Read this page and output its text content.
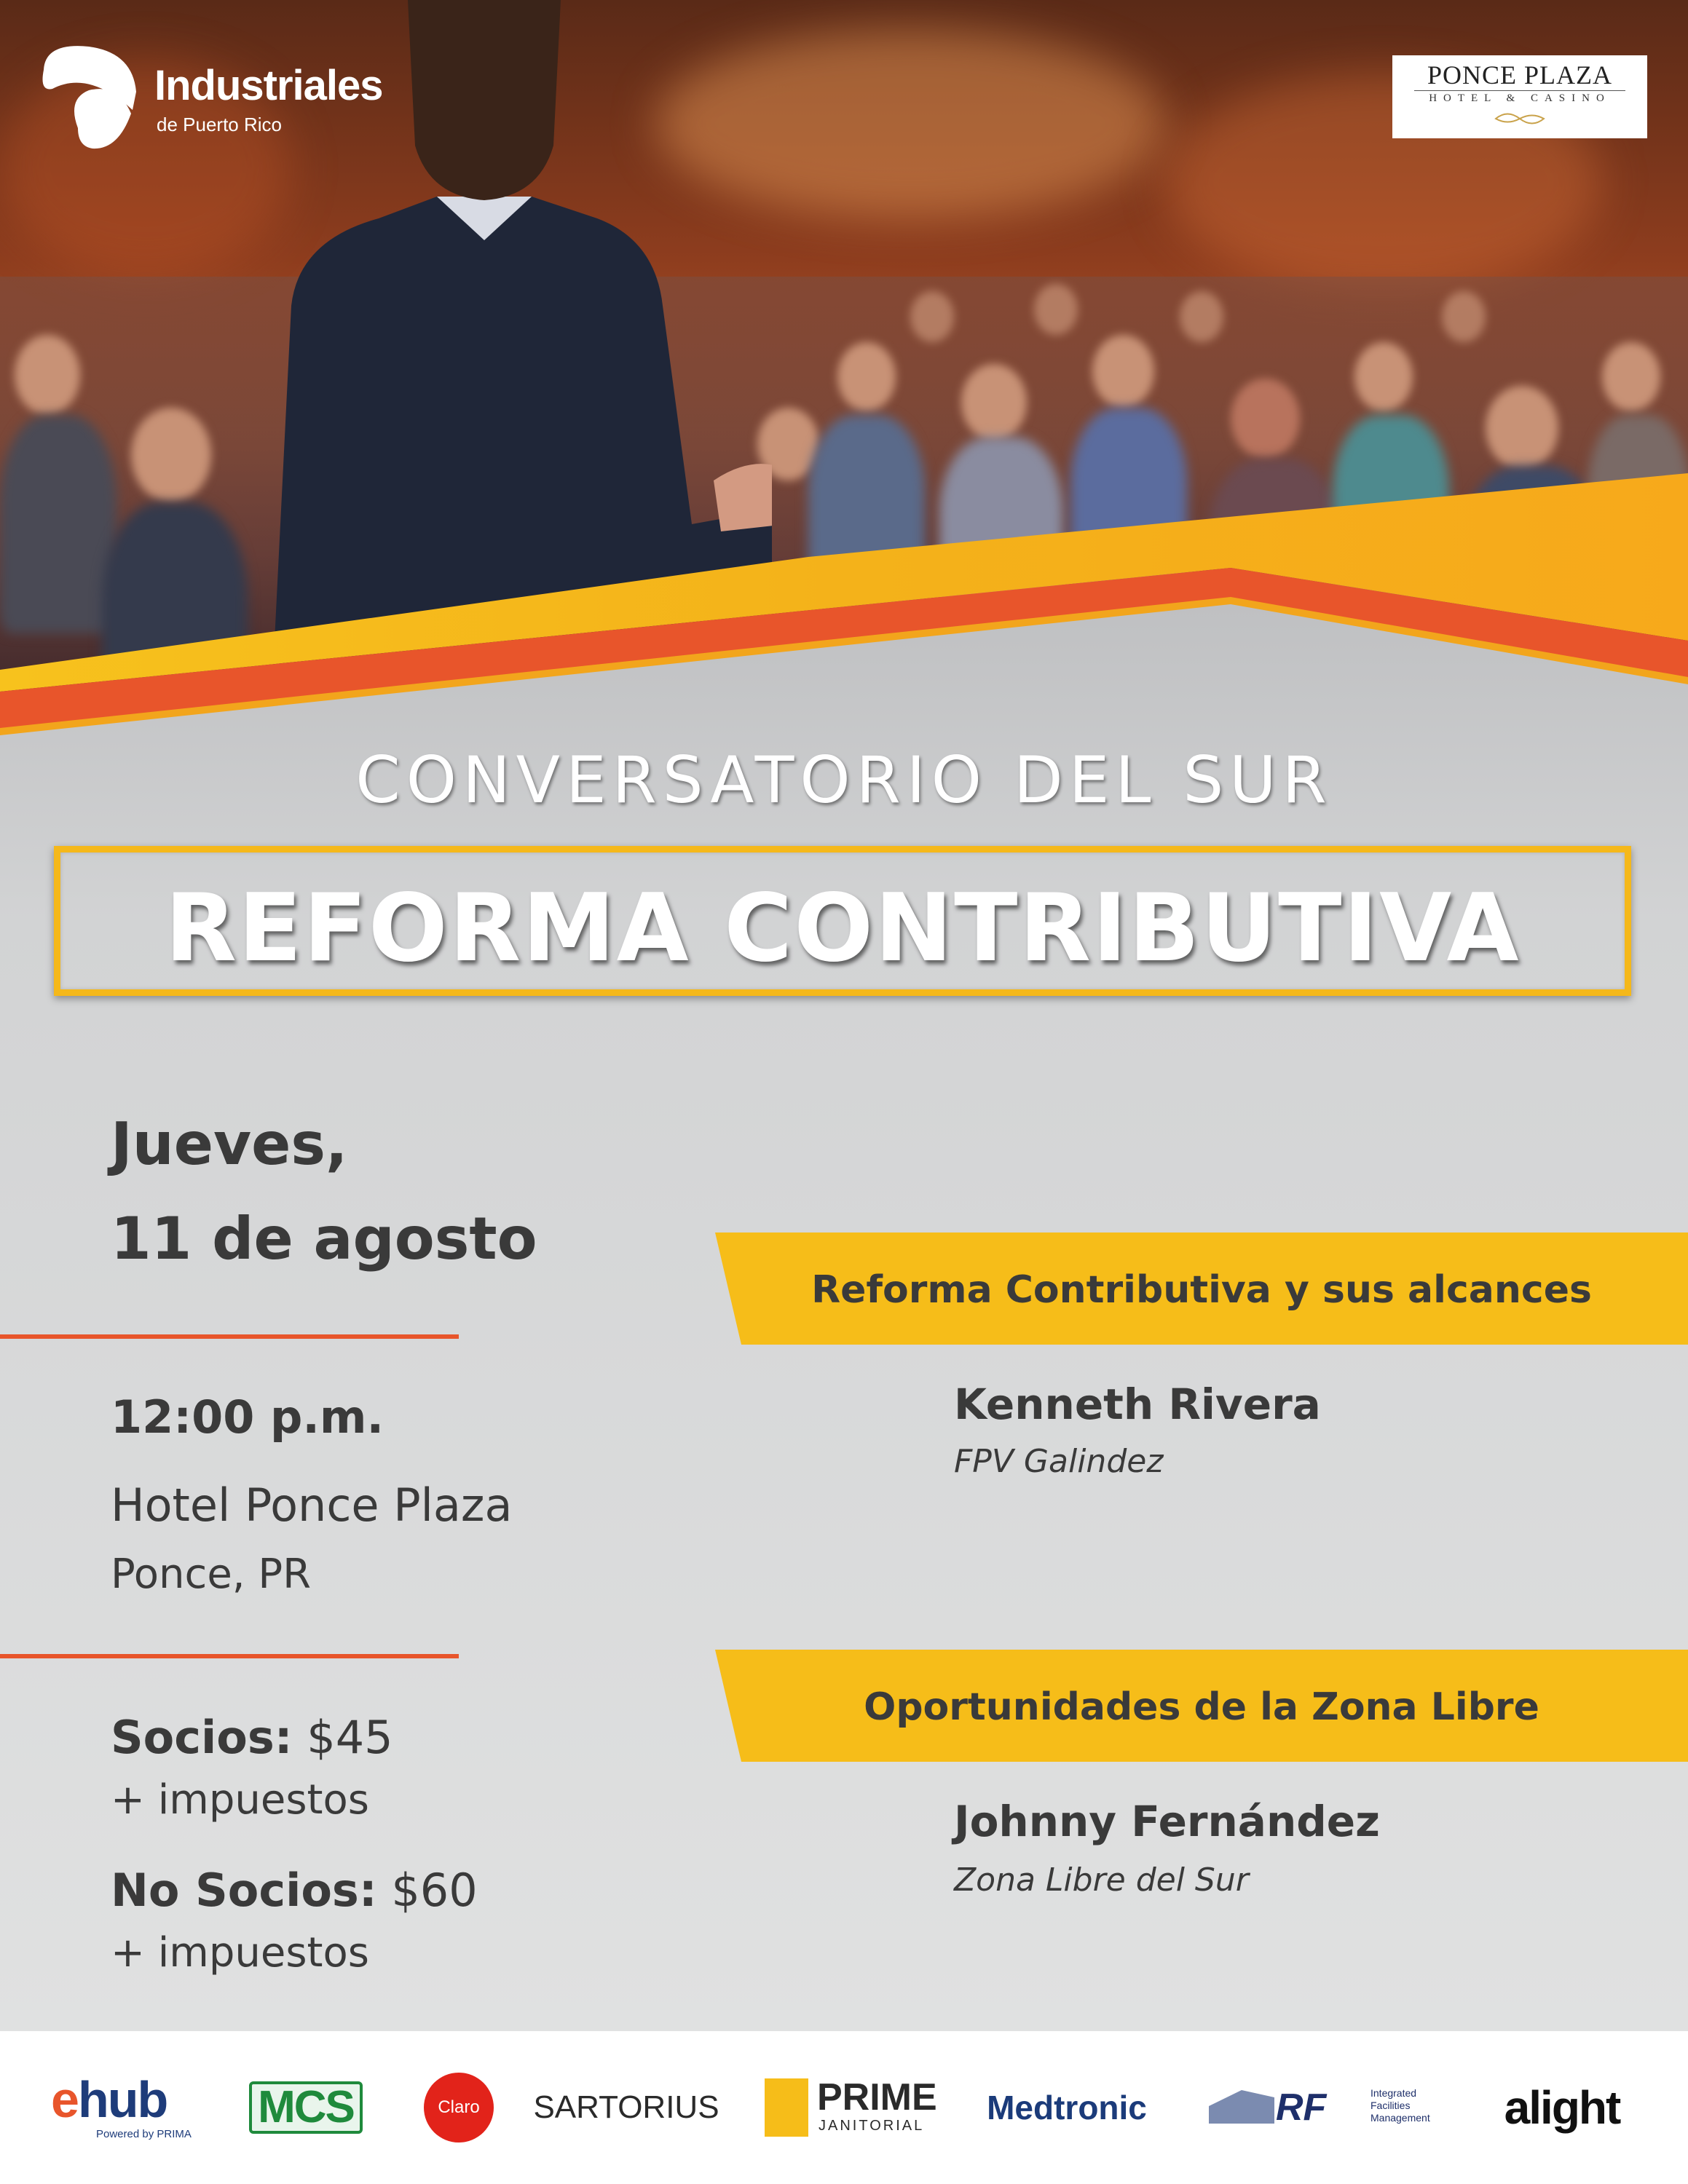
Industriales
de Puerto Rico
PONCE PLAZA
HOTEL & CASINO
CONVERSATORIO DEL SUR
REFORMA CONTRIBUTIVA
Jueves,
11 de agosto
12:00 p.m.
Hotel Ponce Plaza
Ponce, PR
Socios: $45
+ impuestos
No Socios: $60
+ impuestos
Reforma Contributiva y sus alcances
Kenneth Rivera
FPV Galindez
Oportunidades de la Zona Libre
Johnny Fernández
Zona Libre del Sur
ehub
Powered by PRIMA
MCS	Claro	SARTORIUS	PRIME
JANITORIAL Medtronic	RF	Integrated
Facilities
Management alight
